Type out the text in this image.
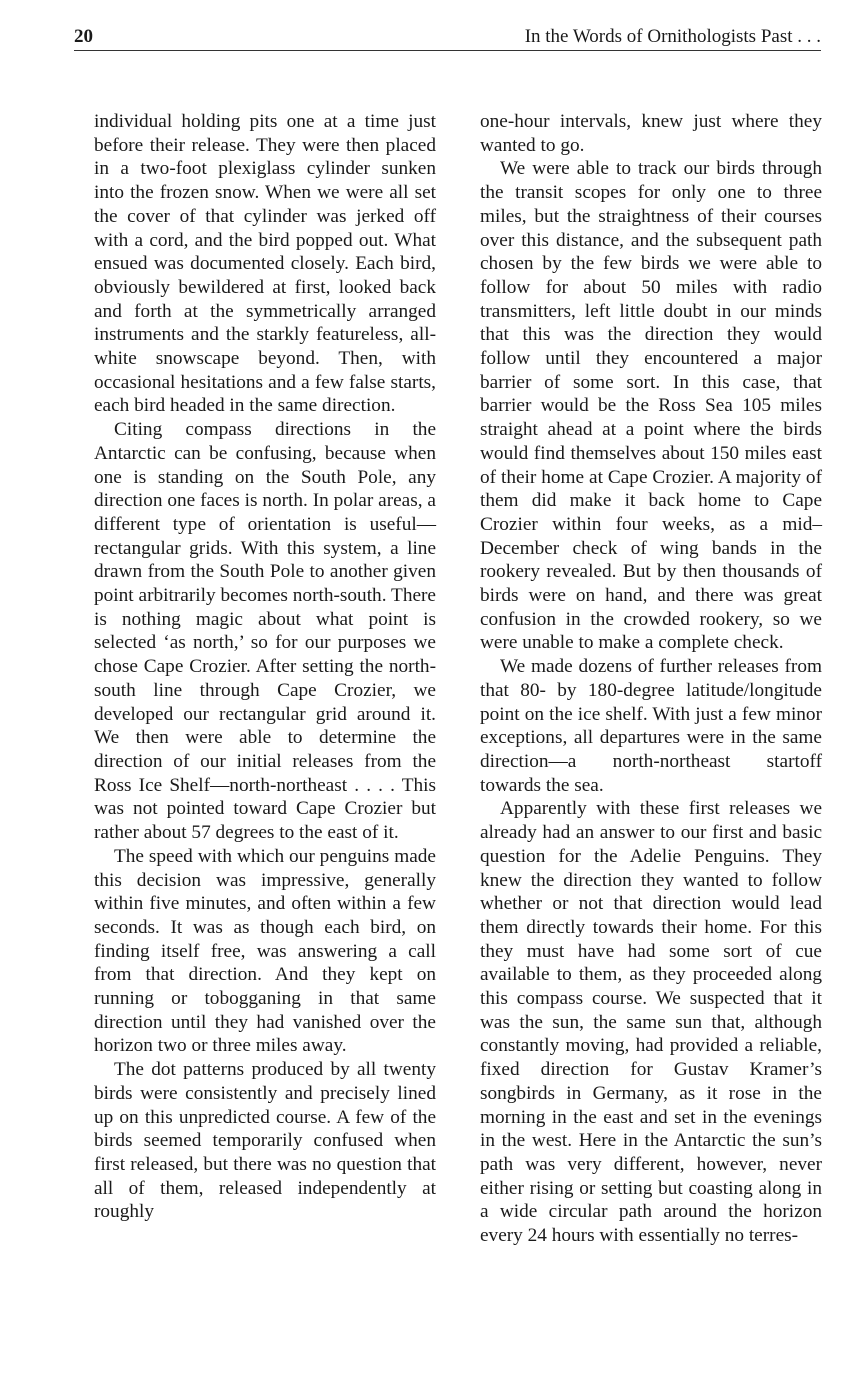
20	In the Words of Ornithologists Past . . .

individual holding pits one at a time just before their release. They were then placed in a two-foot plexiglass cylinder sunken into the frozen snow. When we were all set the cover of that cylinder was jerked off with a cord, and the bird popped out. What ensued was documented closely. Each bird, obviously bewildered at first, looked back and forth at the symmetrically arranged instruments and the starkly featureless, all-white snowscape beyond. Then, with occasional hesitations and a few false starts, each bird headed in the same direction.

Citing compass directions in the Antarctic can be confusing, because when one is standing on the South Pole, any direction one faces is north. In polar areas, a different type of orientation is useful—rectangular grids. With this system, a line drawn from the South Pole to another given point arbitrarily becomes north-south. There is nothing magic about what point is selected ‘as north,’ so for our purposes we chose Cape Crozier. After setting the north-south line through Cape Crozier, we developed our rectangular grid around it. We then were able to determine the direction of our initial releases from the Ross Ice Shelf—north-northeast . . . . This was not pointed toward Cape Crozier but rather about 57 degrees to the east of it.

The speed with which our penguins made this decision was impressive, generally within five minutes, and often within a few seconds. It was as though each bird, on finding itself free, was answering a call from that direction. And they kept on running or tobogganing in that same direction until they had vanished over the horizon two or three miles away.

The dot patterns produced by all twenty birds were consistently and precisely lined up on this unpredicted course. A few of the birds seemed temporarily confused when first released, but there was no question that all of them, released independently at roughly

one-hour intervals, knew just where they wanted to go.

We were able to track our birds through the transit scopes for only one to three miles, but the straightness of their courses over this distance, and the subsequent path chosen by the few birds we were able to follow for about 50 miles with radio transmitters, left little doubt in our minds that this was the direction they would follow until they encountered a major barrier of some sort. In this case, that barrier would be the Ross Sea 105 miles straight ahead at a point where the birds would find themselves about 150 miles east of their home at Cape Crozier. A majority of them did make it back home to Cape Crozier within four weeks, as a mid–December check of wing bands in the rookery revealed. But by then thousands of birds were on hand, and there was great confusion in the crowded rookery, so we were unable to make a complete check.

We made dozens of further releases from that 80- by 180-degree latitude/longitude point on the ice shelf. With just a few minor exceptions, all departures were in the same direction—a north-northeast startoff towards the sea.

Apparently with these first releases we already had an answer to our first and basic question for the Adelie Penguins. They knew the direction they wanted to follow whether or not that direction would lead them directly towards their home. For this they must have had some sort of cue available to them, as they proceeded along this compass course. We suspected that it was the sun, the same sun that, although constantly moving, had provided a reliable, fixed direction for Gustav Kramer’s songbirds in Germany, as it rose in the morning in the east and set in the evenings in the west. Here in the Antarctic the sun’s path was very different, however, never either rising or setting but coasting along in a wide circular path around the horizon every 24 hours with essentially no terres-
